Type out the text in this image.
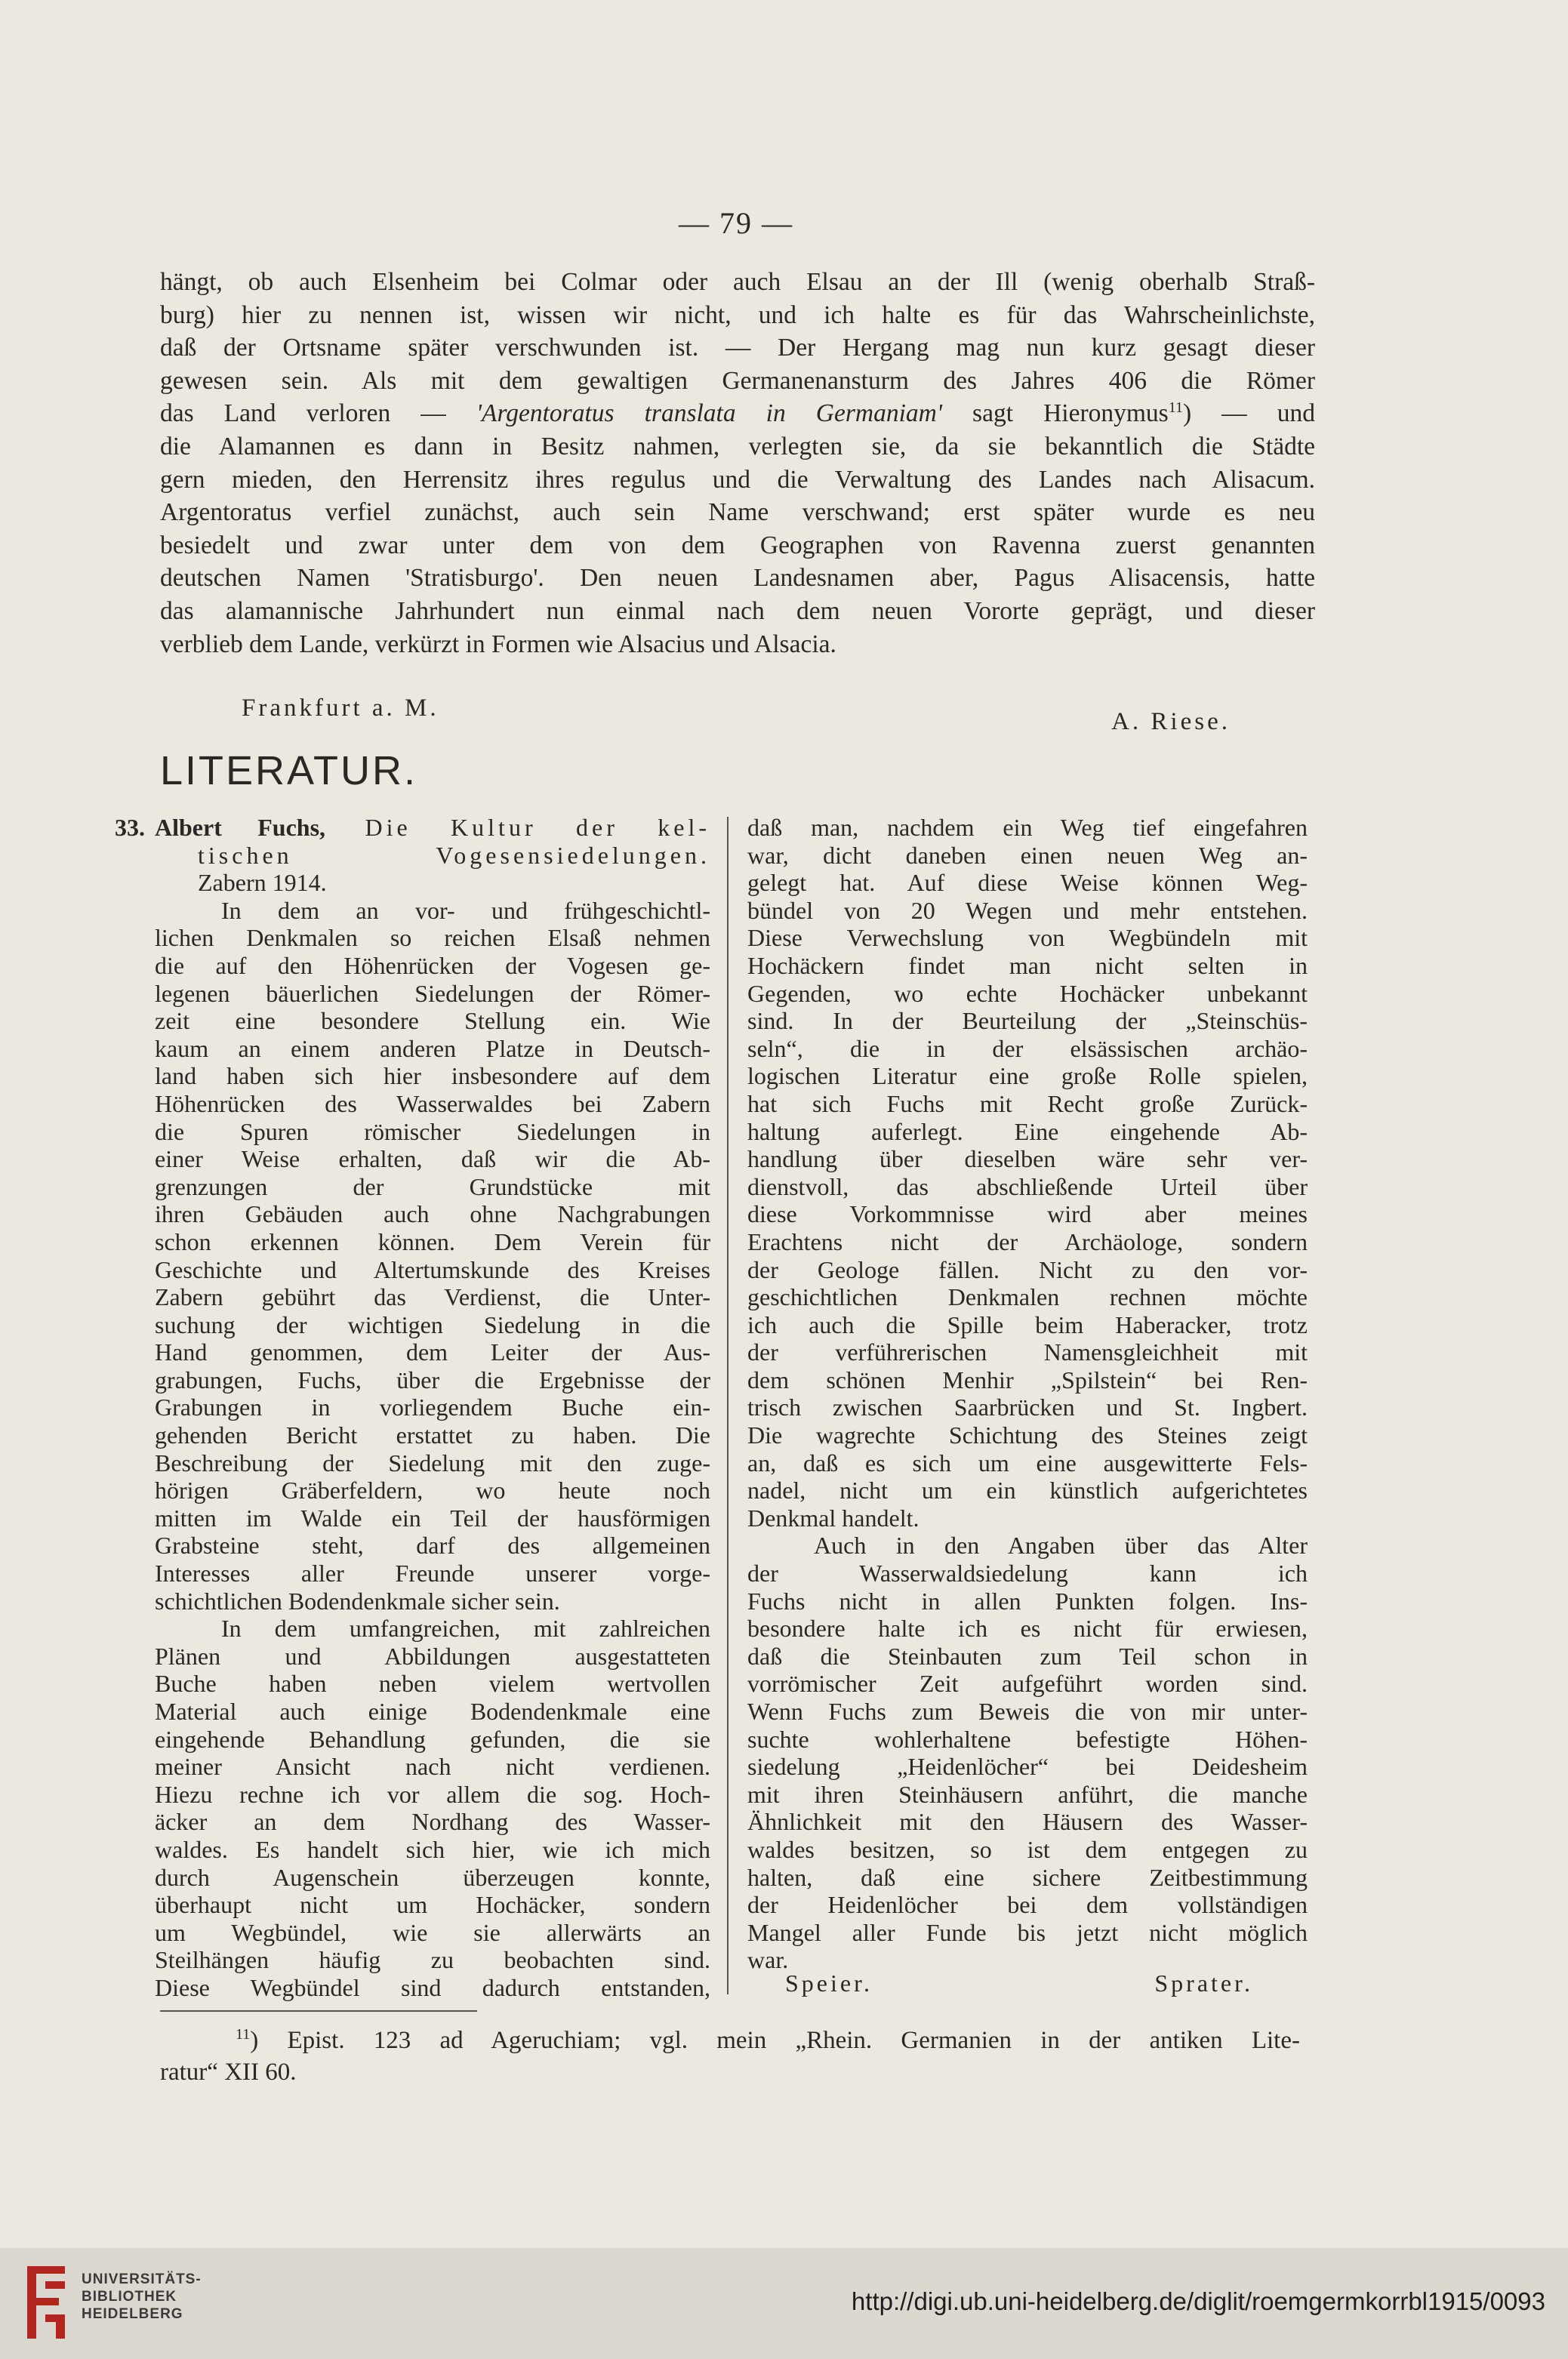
— 79 —
hängt, ob auch Elsenheim bei Colmar oder auch Elsau an der Ill (wenig oberhalb Straß-
burg) hier zu nennen ist, wissen wir nicht, und ich halte es für das Wahrscheinlichste,
daß der Ortsname später verschwunden ist. — Der Hergang mag nun kurz gesagt dieser
gewesen sein. Als mit dem gewaltigen Germanenansturm des Jahres 406 die Römer
das Land verloren — 'Argentoratus translata in Germaniam' sagt Hieronymus$^{11}$) — und
die Alamannen es dann in Besitz nahmen, verlegten sie, da sie bekanntlich die Städte
gern mieden, den Herrensitz ihres regulus und die Verwaltung des Landes nach Alisacum.
Argentoratus verfiel zunächst, auch sein Name verschwand; erst später wurde es neu
besiedelt und zwar unter dem von dem Geographen von Ravenna zuerst genannten
deutschen Namen 'Stratisburgo'. Den neuen Landesnamen aber, Pagus Alisacensis, hatte
das alamannische Jahrhundert nun einmal nach dem neuen Vororte geprägt, und dieser
verblieb dem Lande, verkürzt in Formen wie Alsacius und Alsacia.
Frankfurt a. M.	A. Riese.
LITERATUR.
33. Albert Fuchs, Die Kultur der kel-
tischen Vogesensiedelungen.
Zabern 1914.
In dem an vor- und frühgeschichtl-
lichen Denkmalen so reichen Elsaß nehmen
die auf den Höhenrücken der Vogesen ge-
legenen bäuerlichen Siedelungen der Römer-
zeit eine besondere Stellung ein. Wie
kaum an einem anderen Platze in Deutsch-
land haben sich hier insbesondere auf dem
Höhenrücken des Wasserwaldes bei Zabern
die Spuren römischer Siedelungen in
einer Weise erhalten, daß wir die Ab-
grenzungen der Grundstücke mit
ihren Gebäuden auch ohne Nachgrabungen
schon erkennen können. Dem Verein für
Geschichte und Altertumskunde des Kreises
Zabern gebührt das Verdienst, die Unter-
suchung der wichtigen Siedelung in die
Hand genommen, dem Leiter der Aus-
grabungen, Fuchs, über die Ergebnisse der
Grabungen in vorliegendem Buche ein-
gehenden Bericht erstattet zu haben. Die
Beschreibung der Siedelung mit den zuge-
hörigen Gräberfeldern, wo heute noch
mitten im Walde ein Teil der hausförmigen
Grabsteine steht, darf des allgemeinen
Interesses aller Freunde unserer vorge-
schichtlichen Bodendenkmale sicher sein.
In dem umfangreichen, mit zahlreichen
Plänen und Abbildungen ausgestatteten
Buche haben neben vielem wertvollen
Material auch einige Bodendenkmale eine
eingehende Behandlung gefunden, die sie
meiner Ansicht nach nicht verdienen.
Hiezu rechne ich vor allem die sog. Hoch-
äcker an dem Nordhang des Wasser-
waldes. Es handelt sich hier, wie ich mich
durch Augenschein überzeugen konnte,
überhaupt nicht um Hochäcker, sondern
um Wegbündel, wie sie allerwärts an
Steilhängen häufig zu beobachten sind.
Diese Wegbündel sind dadurch entstanden,
daß man, nachdem ein Weg tief eingefahren
war, dicht daneben einen neuen Weg an-
gelegt hat. Auf diese Weise können Weg-
bündel von 20 Wegen und mehr entstehen.
Diese Verwechslung von Wegbündeln mit
Hochäckern findet man nicht selten in
Gegenden, wo echte Hochäcker unbekannt
sind. In der Beurteilung der „Steinschüs-
seln“, die in der elsässischen archäo-
logischen Literatur eine große Rolle spielen,
hat sich Fuchs mit Recht große Zurück-
haltung auferlegt. Eine eingehende Ab-
handlung über dieselben wäre sehr ver-
dienstvoll, das abschließende Urteil über
diese Vorkommnisse wird aber meines
Erachtens nicht der Archäologe, sondern
der Geologe fällen. Nicht zu den vor-
geschichtlichen Denkmalen rechnen möchte
ich auch die Spille beim Haberacker, trotz
der verführerischen Namensgleichheit mit
dem schönen Menhir „Spilstein“ bei Ren-
trisch zwischen Saarbrücken und St. Ingbert.
Die wagrechte Schichtung des Steines zeigt
an, daß es sich um eine ausgewitterte Fels-
nadel, nicht um ein künstlich aufgerichtetes
Denkmal handelt.
Auch in den Angaben über das Alter
der Wasserwaldsiedelung kann ich
Fuchs nicht in allen Punkten folgen. Ins-
besondere halte ich es nicht für erwiesen,
daß die Steinbauten zum Teil schon in
vorrömischer Zeit aufgeführt worden sind.
Wenn Fuchs zum Beweis die von mir unter-
suchte wohlerhaltene befestigte Höhen-
siedelung „Heidenlöcher“ bei Deidesheim
mit ihren Steinhäusern anführt, die manche
Ähnlichkeit mit den Häusern des Wasser-
waldes besitzen, so ist dem entgegen zu
halten, daß eine sichere Zeitbestimmung
der Heidenlöcher bei dem vollständigen
Mangel aller Funde bis jetzt nicht möglich
war.
Speier.	Sprater.
$^{11}$) Epist. 123 ad Ageruchiam; vgl. mein „Rhein. Germanien in der antiken Lite-
ratur“ XII 60.
UNIVERSITÄTS-
BIBLIOTHEK
HEIDELBERG	http://digi.ub.uni-heidelberg.de/diglit/roemgermkorrbl1915/0093
